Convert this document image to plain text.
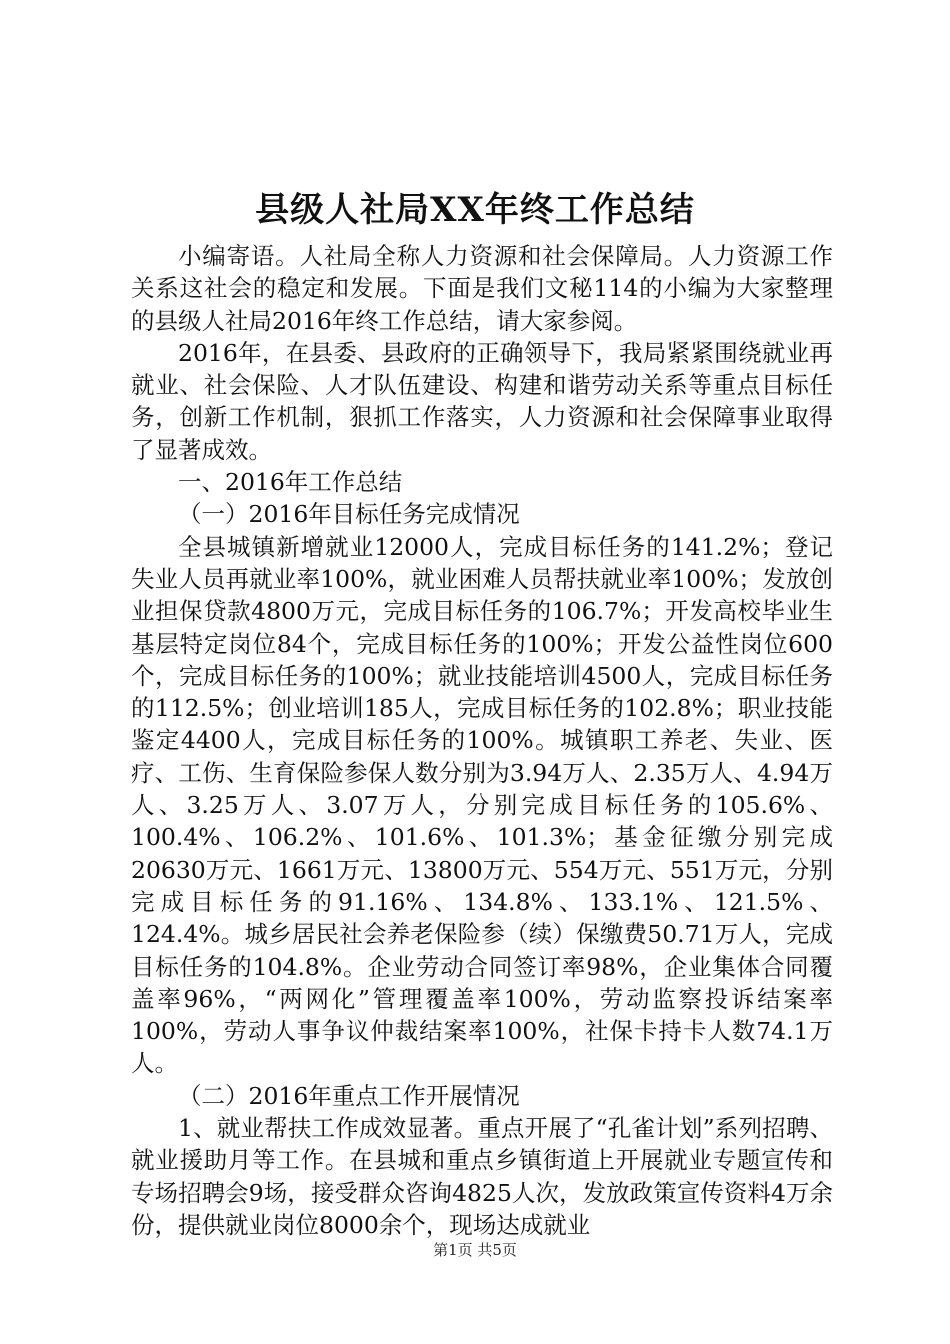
县级人社局XX年终工作总结

小编寄语。人社局全称人力资源和社会保障局。人力资源工作关系这社会的稳定和发展。下面是我们文秘114的小编为大家整理的县级人社局2016年终工作总结，请大家参阅。

2016年，在县委、县政府的正确领导下，我局紧紧围绕就业再就业、社会保险、人才队伍建设、构建和谐劳动关系等重点目标任务，创新工作机制，狠抓工作落实，人力资源和社会保障事业取得了显著成效。

一、2016年工作总结

（一）2016年目标任务完成情况

全县城镇新增就业12000人，完成目标任务的141.2%；登记失业人员再就业率100%，就业困难人员帮扶就业率100%；发放创业担保贷款4800万元，完成目标任务的106.7%；开发高校毕业生基层特定岗位84个，完成目标任务的100%；开发公益性岗位600个，完成目标任务的100%；就业技能培训4500人，完成目标任务的112.5%；创业培训185人，完成目标任务的102.8%；职业技能鉴定4400人，完成目标任务的100%。城镇职工养老、失业、医疗、工伤、生育保险参保人数分别为3.94万人、2.35万人、4.94万人、3.25万人、3.07万人，分别完成目标任务的105.6%、100.4%、106.2%、101.6%、101.3%；基金征缴分别完成20630万元、1661万元、13800万元、554万元、551万元，分别完成目标任务的91.16%、134.8%、133.1%、121.5%、124.4%。城乡居民社会养老保险参（续）保缴费50.71万人，完成目标任务的104.8%。企业劳动合同签订率98%，企业集体合同覆盖率96%，“两网化”管理覆盖率100%，劳动监察投诉结案率100%，劳动人事争议仲裁结案率100%，社保卡持卡人数74.1万人。

（二）2016年重点工作开展情况

1、就业帮扶工作成效显著。重点开展了“孔雀计划”系列招聘、就业援助月等工作。在县城和重点乡镇街道上开展就业专题宣传和专场招聘会9场，接受群众咨询4825人次，发放政策宣传资料4万余份，提供就业岗位8000余个，现场达成就业

第1页 共5页
